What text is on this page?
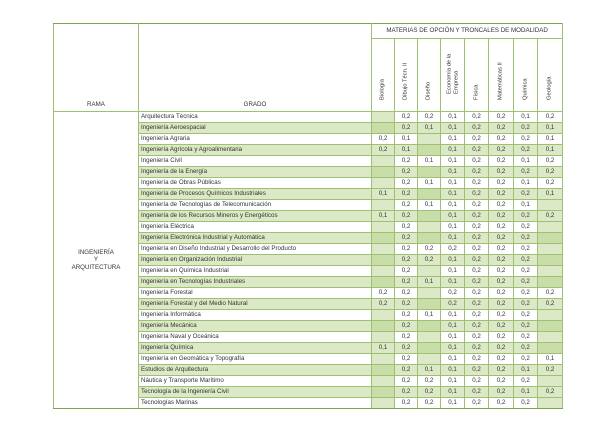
RAMA	GRADO	MATERIAS DE OPCIÓN Y TRONCALES DE MODALIDAD							

		Biología	Dibujo Técn. II	Diseño	Economía de la Empresa	Física	Matemáticas II	Química	Geología

INGENIERÍA
Y
ARQUITECTURA	Arquitectura Técnica		0,2	0,2	0,1	0,2	0,2	0,1	0,2
	Ingeniería Aeroespacial		0,2	0,1	0,1	0,2	0,2	0,2	0,1
	Ingeniería Agraria	0,2	0,1		0,1	0,2	0,2	0,2	0,1
	Ingeniería Agrícola y Agroalimentaria	0,2	0,1		0,1	0,2	0,2	0,2	0,1
	Ingeniería Civil		0,2	0,1	0,1	0,2	0,2	0,1	0,2
	Ingeniería de la Energía		0,2		0,1	0,2	0,2	0,2	0,2
	Ingeniería de Obras Públicas		0,2	0,1	0,1	0,2	0,2	0,1	0,2
	Ingeniería de Procesos Químicos Industriales	0,1	0,2		0,1	0,2	0,2	0,2	0,1
	Ingeniería de Tecnologías de Telecomunicación		0,2	0,1	0,1	0,2	0,2	0,1	
	Ingeniería de los Recursos Mineros y Energéticos	0,1	0,2		0,1	0,2	0,2	0,2	0,2
	Ingeniería Eléctrica		0,2		0,1	0,2	0,2	0,2	
	Ingeniería Electrónica Industrial y Automática		0,2		0,1	0,2	0,2	0,2	
	Ingeniería en Diseño Industrial y Desarrollo del Producto		0,2	0,2	0,2	0,2	0,2	0,2	
	Ingeniería en Organización Industrial		0,2	0,2	0,1	0,2	0,2	0,2	
	Ingeniería en Química Industrial		0,2		0,1	0,2	0,2	0,2	
	Ingeniería en Tecnologías Industriales		0,2	0,1	0,1	0,2	0,2	0,2	
	Ingeniería Forestal	0,2	0,2		0,2	0,2	0,2	0,2	0,2
	Ingeniería Forestal y del Medio Natural	0,2	0,2		0,2	0,2	0,2	0,2	0,2
	Ingeniería Informática		0,2	0,1	0,1	0,2	0,2	0,2	
	Ingeniería Mecánica		0,2		0,1	0,2	0,2	0,2	
	Ingeniería Naval y Oceánica		0,2		0,1	0,2	0,2	0,2	
	Ingeniería Química	0,1	0,2		0,1	0,2	0,2	0,2	
	Ingeniería en Geomática y Topografía		0,2		0,1	0,2	0,2	0,2	0,1
	Estudios de Arquitectura		0,2	0,1	0,1	0,2	0,2	0,1	0,2
	Náutica y Transporte Marítimo		0,2	0,2	0,1	0,2	0,2	0,2	
	Tecnología de la Ingeniería Civil		0,2	0,2	0,1	0,2	0,2	0,1	0,2
	Tecnologías Marinas		0,2	0,2	0,1	0,2	0,2	0,2	
